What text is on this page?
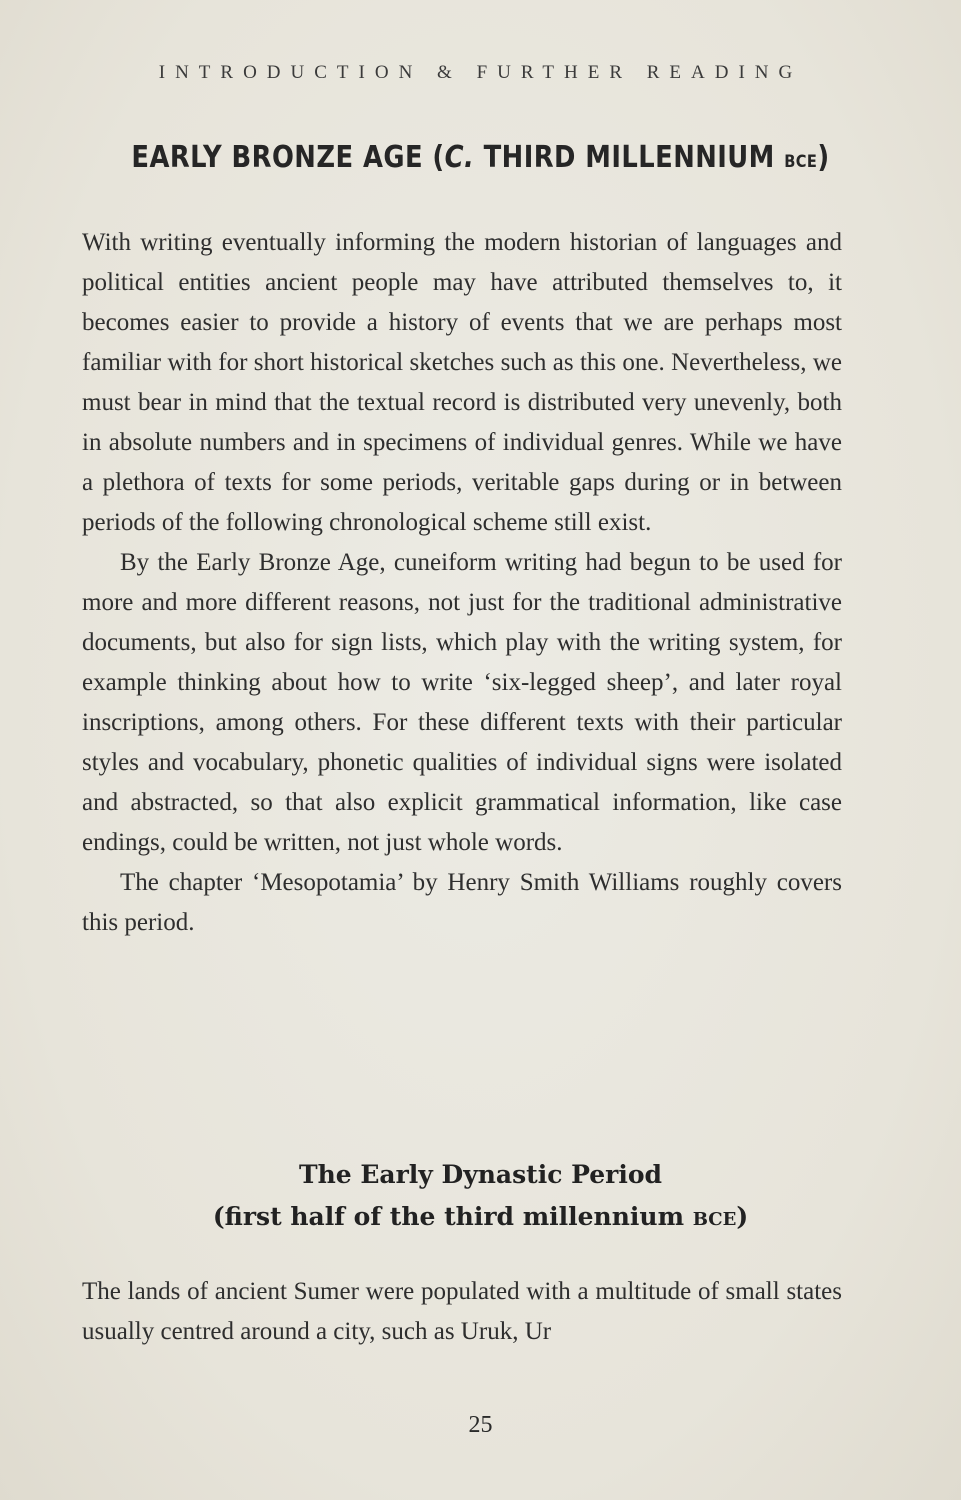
INTRODUCTION & FURTHER READING
EARLY BRONZE AGE (C. THIRD MILLENNIUM BCE)

With writing eventually informing the modern historian of languages and political entities ancient people may have attributed themselves to, it becomes easier to provide a history of events that we are perhaps most familiar with for short historical sketches such as this one. Nevertheless, we must bear in mind that the textual record is distributed very unevenly, both in absolute numbers and in specimens of individual genres. While we have a plethora of texts for some periods, veritable gaps during or in between periods of the following chronological scheme still exist.

By the Early Bronze Age, cuneiform writing had begun to be used for more and more different reasons, not just for the traditional administrative documents, but also for sign lists, which play with the writing system, for example thinking about how to write ‘six-legged sheep’, and later royal inscriptions, among others. For these different texts with their particular styles and vocabulary, phonetic qualities of individual signs were isolated and abstracted, so that also explicit grammatical information, like case endings, could be written, not just whole words.

The chapter ‘Mesopotamia’ by Henry Smith Williams roughly covers this period.

The Early Dynastic Period
(first half of the third millennium BCE)

The lands of ancient Sumer were populated with a multitude of small states usually centred around a city, such as Uruk, Ur

25
